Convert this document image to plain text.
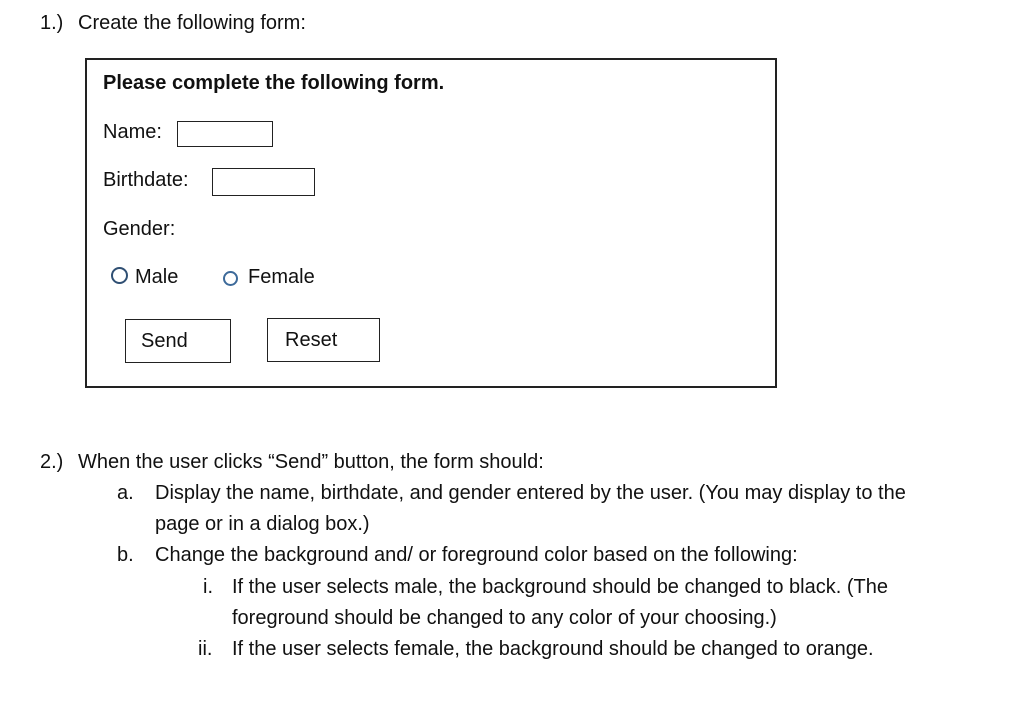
1.) Create the following form:
Please complete the following form.
Name:
Birthdate:
Gender:
Male	Female
Send	Reset
2.) When the user clicks “Send” button, the form should:
a. Display the name, birthdate, and gender entered by the user. (You may display to the
page or in a dialog box.)
b. Change the background and/ or foreground color based on the following:
i. If the user selects male, the background should be changed to black. (The
foreground should be changed to any color of your choosing.)
ii. If the user selects female, the background should be changed to orange.
